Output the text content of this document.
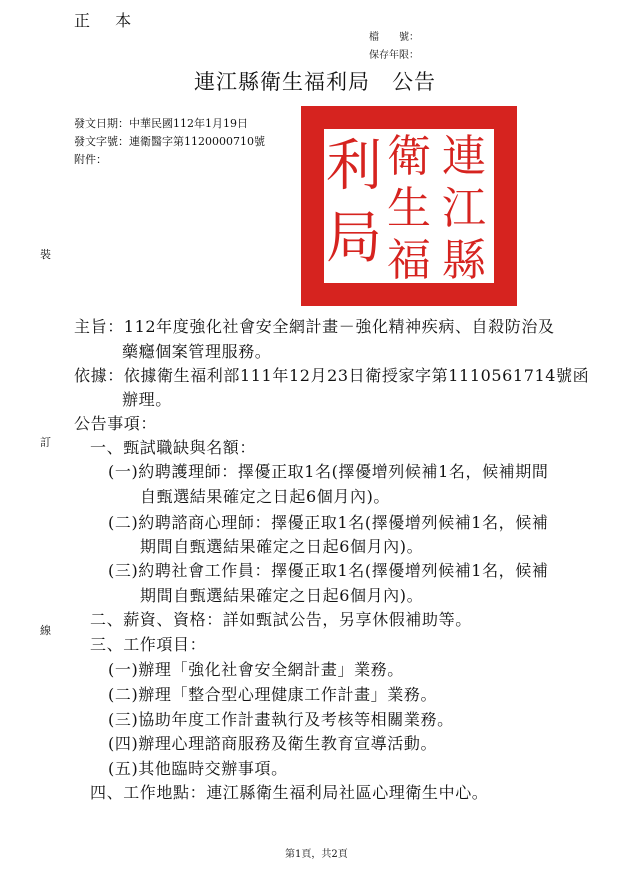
正 本
檔　　號：
保存年限：
連江縣衛生福利局 公告
發文日期：中華民國112年1月19日
發文字號：連衛醫字第1120000710號
附件：	連
江
縣
衛
生
福
利
局
裝
訂
線
主旨：112年度強化社會安全網計畫－強化精神疾病、自殺防治及
藥癮個案管理服務。
依據：依據衛生福利部111年12月23日衛授家字第1110561714號函
辦理。
公告事項：
一、甄試職缺與名額：
(一)約聘護理師：擇優正取1名(擇優增列候補1名，候補期間
自甄選結果確定之日起6個月內)。
(二)約聘諮商心理師：擇優正取1名(擇優增列候補1名，候補
期間自甄選結果確定之日起6個月內)。
(三)約聘社會工作員：擇優正取1名(擇優增列候補1名，候補
期間自甄選結果確定之日起6個月內)。
二、薪資、資格：詳如甄試公告，另享休假補助等。
三、工作項目：
(一)辦理「強化社會安全網計畫」業務。
(二)辦理「整合型心理健康工作計畫」業務。
(三)協助年度工作計畫執行及考核等相關業務。
(四)辦理心理諮商服務及衛生教育宣導活動。
(五)其他臨時交辦事項。
四、工作地點：連江縣衛生福利局社區心理衛生中心。
第1頁，共2頁
